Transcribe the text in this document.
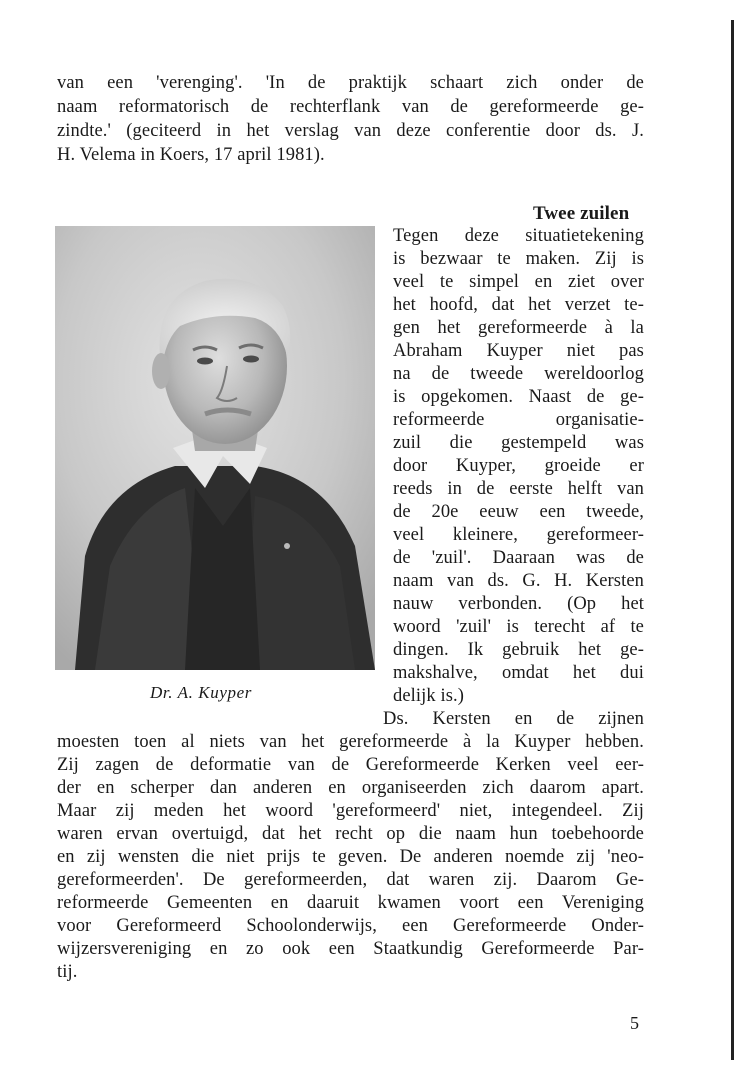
van een 'verenging'. 'In de praktijk schaart zich onder de
naam reformatorisch de rechterflank van de gereformeerde ge-
zindte.' (geciteerd in het verslag van deze conferentie door ds. J.
H. Velema in Koers, 17 april 1981).
Twee zuilen
Dr. A. Kuyper
Tegen deze situatietekening
is bezwaar te maken. Zij is
veel te simpel en ziet over
het hoofd, dat het verzet te-
gen het gereformeerde à la
Abraham Kuyper niet pas
na de tweede wereldoorlog
is opgekomen. Naast de ge-
reformeerde organisatie-
zuil die gestempeld was
door Kuyper, groeide er
reeds in de eerste helft van
de 20e eeuw een tweede,
veel kleinere, gereformeer-
de 'zuil'. Daaraan was de
naam van ds. G. H. Kersten
nauw verbonden. (Op het
woord 'zuil' is terecht af te
dingen. Ik gebruik het ge-
makshalve, omdat het dui
delijk is.)
Ds. Kersten en de zijnen
moesten toen al niets van het gereformeerde à la Kuyper hebben.
Zij zagen de deformatie van de Gereformeerde Kerken veel eer-
der en scherper dan anderen en organiseerden zich daarom apart.
Maar zij meden het woord 'gereformeerd' niet, integendeel. Zij
waren ervan overtuigd, dat het recht op die naam hun toebehoorde
en zij wensten die niet prijs te geven. De anderen noemde zij 'neo-
gereformeerden'. De gereformeerden, dat waren zij. Daarom Ge-
reformeerde Gemeenten en daaruit kwamen voort een Vereniging
voor Gereformeerd Schoolonderwijs, een Gereformeerde Onder-
wijzersvereniging en zo ook een Staatkundig Gereformeerde Par-
tij.
5
